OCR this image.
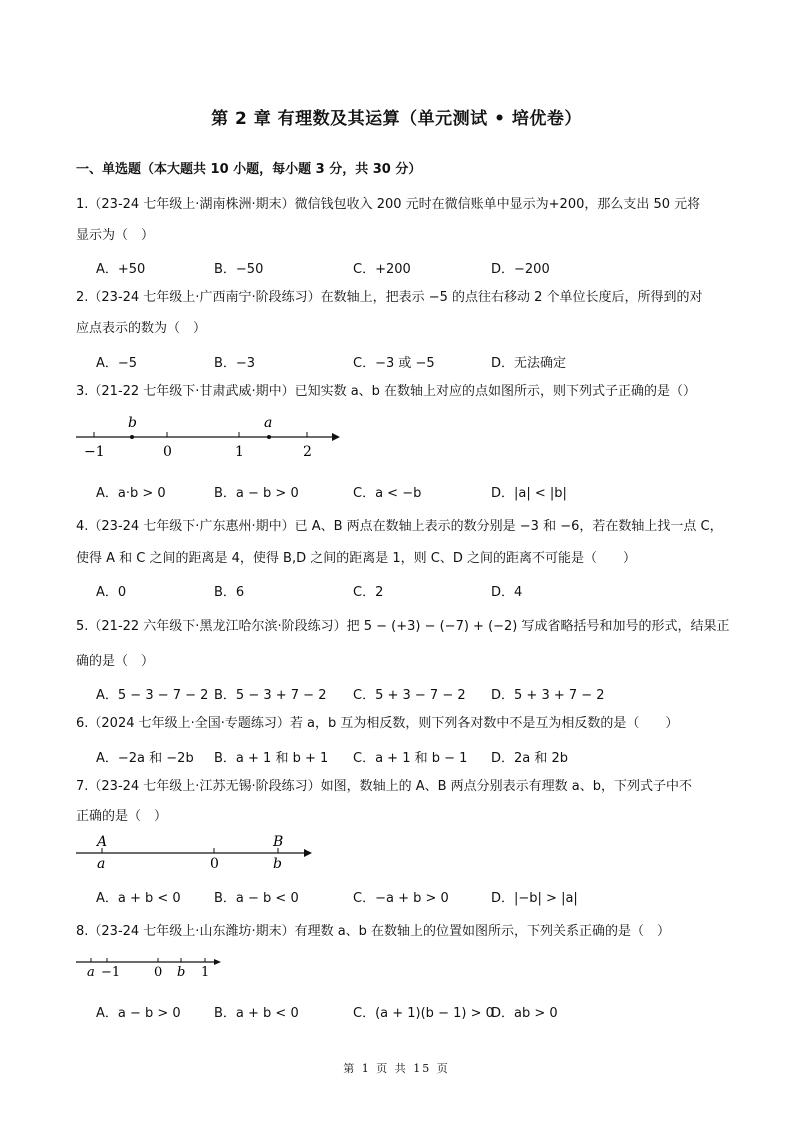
第 2 章 有理数及其运算（单元测试 • 培优卷）
一、单选题（本大题共 10 小题，每小题 3 分，共 30 分）
1.（23-24 七年级上·湖南株洲·期末）微信钱包收入 200 元时在微信账单中显示为+200，那么支出 50 元将
显示为（　）
A．+50	B．−50	C．+200	D．−200
2.（23-24 七年级上·广西南宁·阶段练习）在数轴上，把表示 −5 的点往右移动 2 个单位长度后，所得到的对
应点表示的数为（　）
A．−5	B．−3	C．−3 或 −5	D．无法确定
3.（21-22 七年级下·甘肃武威·期中）已知实数 a、b 在数轴上对应的点如图所示，则下列式子正确的是（）
b	a
−1	0	1	2
A．a·b > 0	B．a − b > 0	C．a < −b	D．|a| < |b|
4.（23-24 七年级下·广东惠州·期中）已 A、B 两点在数轴上表示的数分别是 −3 和 −6，若在数轴上找一点 C，
使得 A 和 C 之间的距离是 4，使得 B,D 之间的距离是 1，则 C、D 之间的距离不可能是（　　）
A．0	B．6	C．2	D．4
5.（21-22 六年级下·黑龙江哈尔滨·阶段练习）把 5 − (+3) − (−7) + (−2) 写成省略括号和加号的形式，结果正
确的是（　）
A．5 − 3 − 7 − 2 B．5 − 3 + 7 − 2 C．5 + 3 − 7 − 2 D．5 + 3 + 7 − 2
6.（2024 七年级上·全国·专题练习）若 a，b 互为相反数，则下列各对数中不是互为相反数的是（　　）
A．−2a 和 −2b B．a + 1 和 b + 1 C．a + 1 和 b − 1 D．2a 和 2b
7.（23-24 七年级上·江苏无锡·阶段练习）如图，数轴上的 A、B 两点分别表示有理数 a、b，下列式子中不
正确的是（　）
A	B
a	0	b
A．a + b < 0	B．a − b < 0	C．−a + b > 0	D．|−b| > |a|
8.（23-24 七年级上·山东潍坊·期末）有理数 a、b 在数轴上的位置如图所示，下列关系正确的是（　）
a −1	0 b 1
A．a − b > 0	B．a + b < 0	C．(a + 1)(b − 1) > 0
D．ab > 0
第 1 页 共 15 页
